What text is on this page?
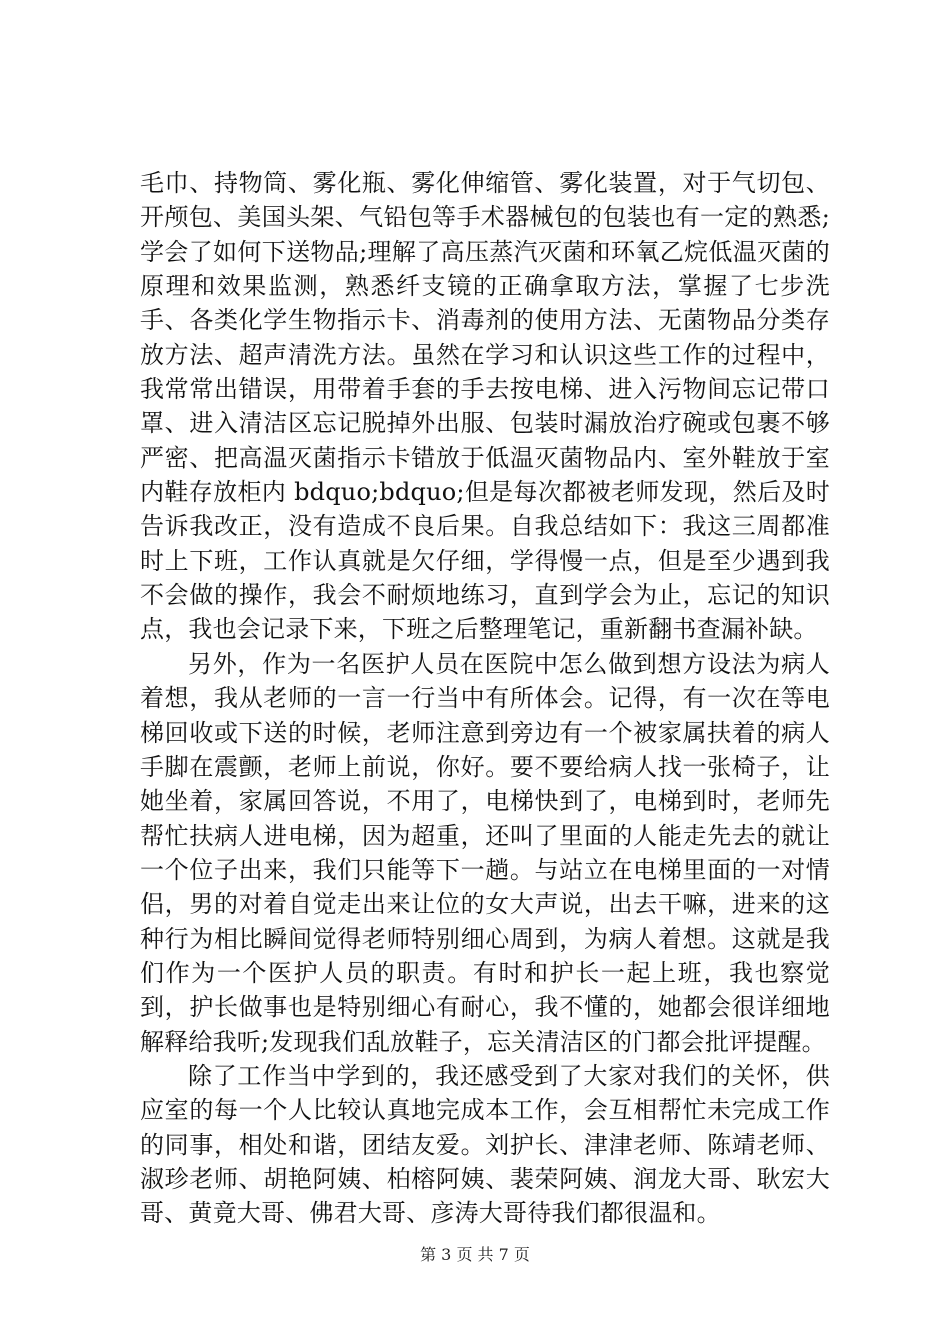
毛巾、持物筒、雾化瓶、雾化伸缩管、雾化装置，对于气切包、开颅包、美国头架、气铅包等手术器械包的包装也有一定的熟悉;学会了如何下送物品;理解了高压蒸汽灭菌和环氧乙烷低温灭菌的原理和效果监测，熟悉纤支镜的正确拿取方法，掌握了七步洗手、各类化学生物指示卡、消毒剂的使用方法、无菌物品分类存放方法、超声清洗方法。虽然在学习和认识这些工作的过程中，我常常出错误，用带着手套的手去按电梯、进入污物间忘记带口罩、进入清洁区忘记脱掉外出服、包装时漏放治疗碗或包裹不够严密、把高温灭菌指示卡错放于低温灭菌物品内、室外鞋放于室内鞋存放柜内 bdquo;bdquo;但是每次都被老师发现，然后及时告诉我改正，没有造成不良后果。自我总结如下：我这三周都准时上下班，工作认真就是欠仔细，学得慢一点，但是至少遇到我不会做的操作，我会不耐烦地练习，直到学会为止，忘记的知识点，我也会记录下来，下班之后整理笔记，重新翻书查漏补缺。

另外，作为一名医护人员在医院中怎么做到想方设法为病人着想，我从老师的一言一行当中有所体会。记得，有一次在等电梯回收或下送的时候，老师注意到旁边有一个被家属扶着的病人手脚在震颤，老师上前说，你好。要不要给病人找一张椅子，让她坐着，家属回答说，不用了，电梯快到了，电梯到时，老师先帮忙扶病人进电梯，因为超重，还叫了里面的人能走先去的就让一个位子出来，我们只能等下一趟。与站立在电梯里面的一对情侣，男的对着自觉走出来让位的女大声说，出去干嘛，进来的这种行为相比瞬间觉得老师特别细心周到，为病人着想。这就是我们作为一个医护人员的职责。有时和护长一起上班，我也察觉到，护长做事也是特别细心有耐心，我不懂的，她都会很详细地解释给我听;发现我们乱放鞋子，忘关清洁区的门都会批评提醒。

除了工作当中学到的，我还感受到了大家对我们的关怀，供应室的每一个人比较认真地完成本工作，会互相帮忙未完成工作的同事，相处和谐，团结友爱。刘护长、津津老师、陈靖老师、淑珍老师、胡艳阿姨、柏榕阿姨、裴荣阿姨、润龙大哥、耿宏大哥、黄竟大哥、佛君大哥、彦涛大哥待我们都很温和。

第 3 页 共 7 页
